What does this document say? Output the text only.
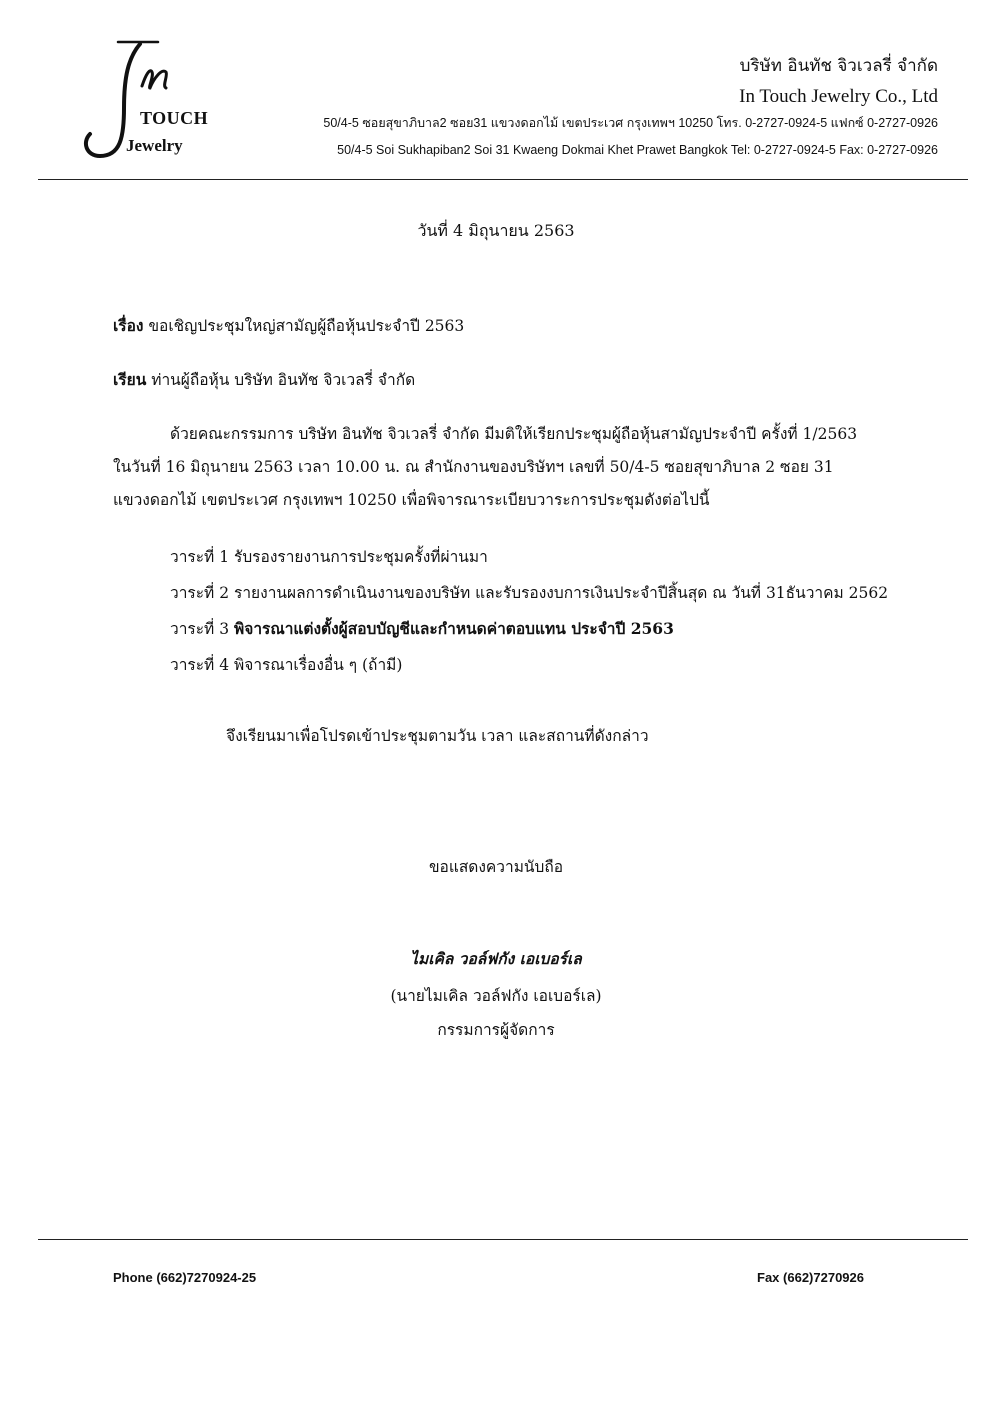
TOUCH
Jewelry
บริษัท อินทัช จิวเวลรี่ จำกัด
In Touch Jewelry Co., Ltd
50/4-5 ซอยสุขาภิบาล2 ซอย31 แขวงดอกไม้ เขตประเวศ กรุงเทพฯ 10250 โทร. 0-2727-0924-5 แฟกซ์ 0-2727-0926
50/4-5 Soi Sukhapiban2 Soi 31 Kwaeng Dokmai Khet Prawet Bangkok Tel: 0-2727-0924-5 Fax: 0-2727-0926
วันที่ 4 มิถุนายน 2563
เรื่อง ขอเชิญประชุมใหญ่สามัญผู้ถือหุ้นประจำปี 2563
เรียน ท่านผู้ถือหุ้น บริษัท อินทัช จิวเวลรี่ จำกัด
ด้วยคณะกรรมการ บริษัท อินทัช จิวเวลรี่ จำกัด มีมติให้เรียกประชุมผู้ถือหุ้นสามัญประจำปี ครั้งที่ 1/2563
ในวันที่ 16 มิถุนายน 2563 เวลา 10.00 น. ณ สำนักงานของบริษัทฯ เลขที่ 50/4-5 ซอยสุขาภิบาล 2 ซอย 31
แขวงดอกไม้ เขตประเวศ กรุงเทพฯ 10250 เพื่อพิจารณาระเบียบวาระการประชุมดังต่อไปนี้
วาระที่ 1 รับรองรายงานการประชุมครั้งที่ผ่านมา
วาระที่ 2 รายงานผลการดำเนินงานของบริษัท และรับรองงบการเงินประจำปีสิ้นสุด ณ วันที่ 31ธันวาคม 2562
วาระที่ 3 พิจารณาแต่งตั้งผู้สอบบัญชีและกำหนดค่าตอบแทน ประจำปี 2563
วาระที่ 4 พิจารณาเรื่องอื่น ๆ (ถ้ามี)
จึงเรียนมาเพื่อโปรดเข้าประชุมตามวัน เวลา และสถานที่ดังกล่าว
ขอแสดงความนับถือ
ไมเคิล วอล์ฟกัง เอเบอร์เล
(นายไมเคิล วอล์ฟกัง เอเบอร์เล)
กรรมการผู้จัดการ
Phone (662)7270924-25	Fax (662)7270926
